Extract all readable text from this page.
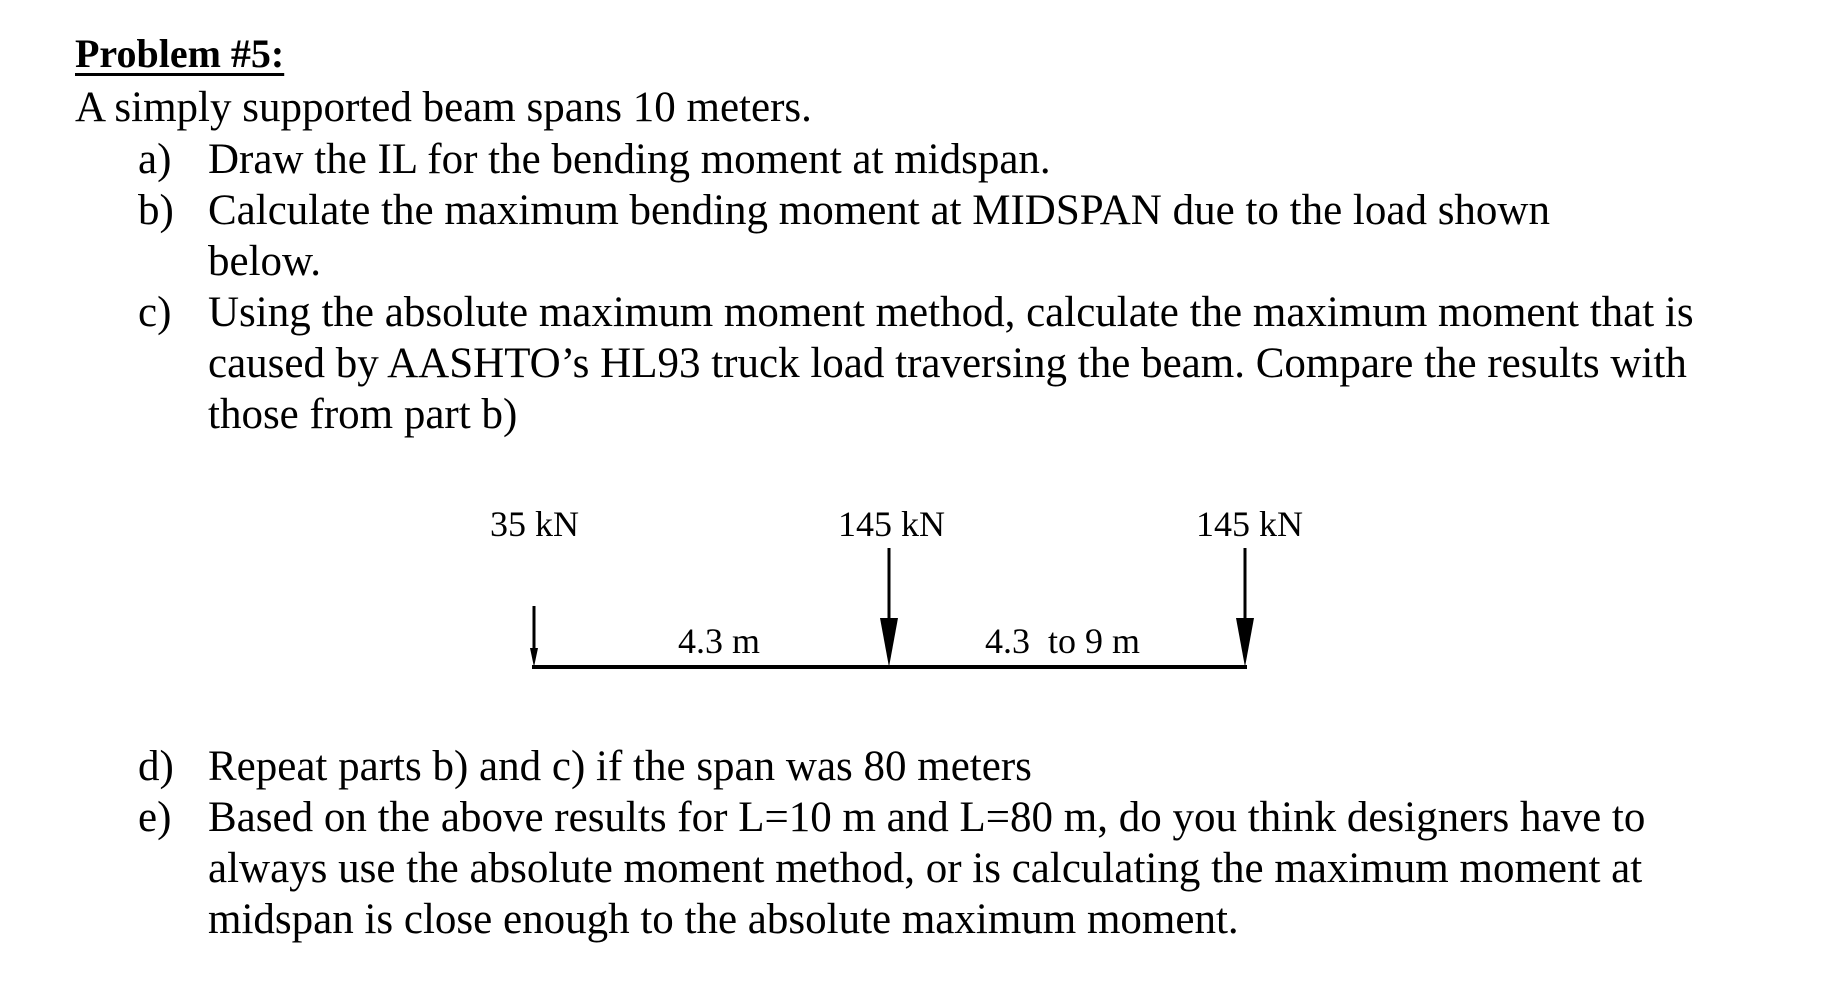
Problem #5:
A simply supported beam spans 10 meters.
a) Draw the IL for the bending moment at midspan.
b) Calculate the maximum bending moment at MIDSPAN due to the load shown below.
c) Using the absolute maximum moment method, calculate the maximum moment that is caused by AASHTO’s HL93 truck load traversing the beam. Compare the results with those from part b)
35 kN	145 kN	145 kN
4.3 m	4.3  to 9 m
d) Repeat parts b) and c) if the span was 80 meters
e) Based on the above results for L=10 m and L=80 m, do you think designers have to always use the absolute moment method, or is calculating the maximum moment at midspan is close enough to the absolute maximum moment.
